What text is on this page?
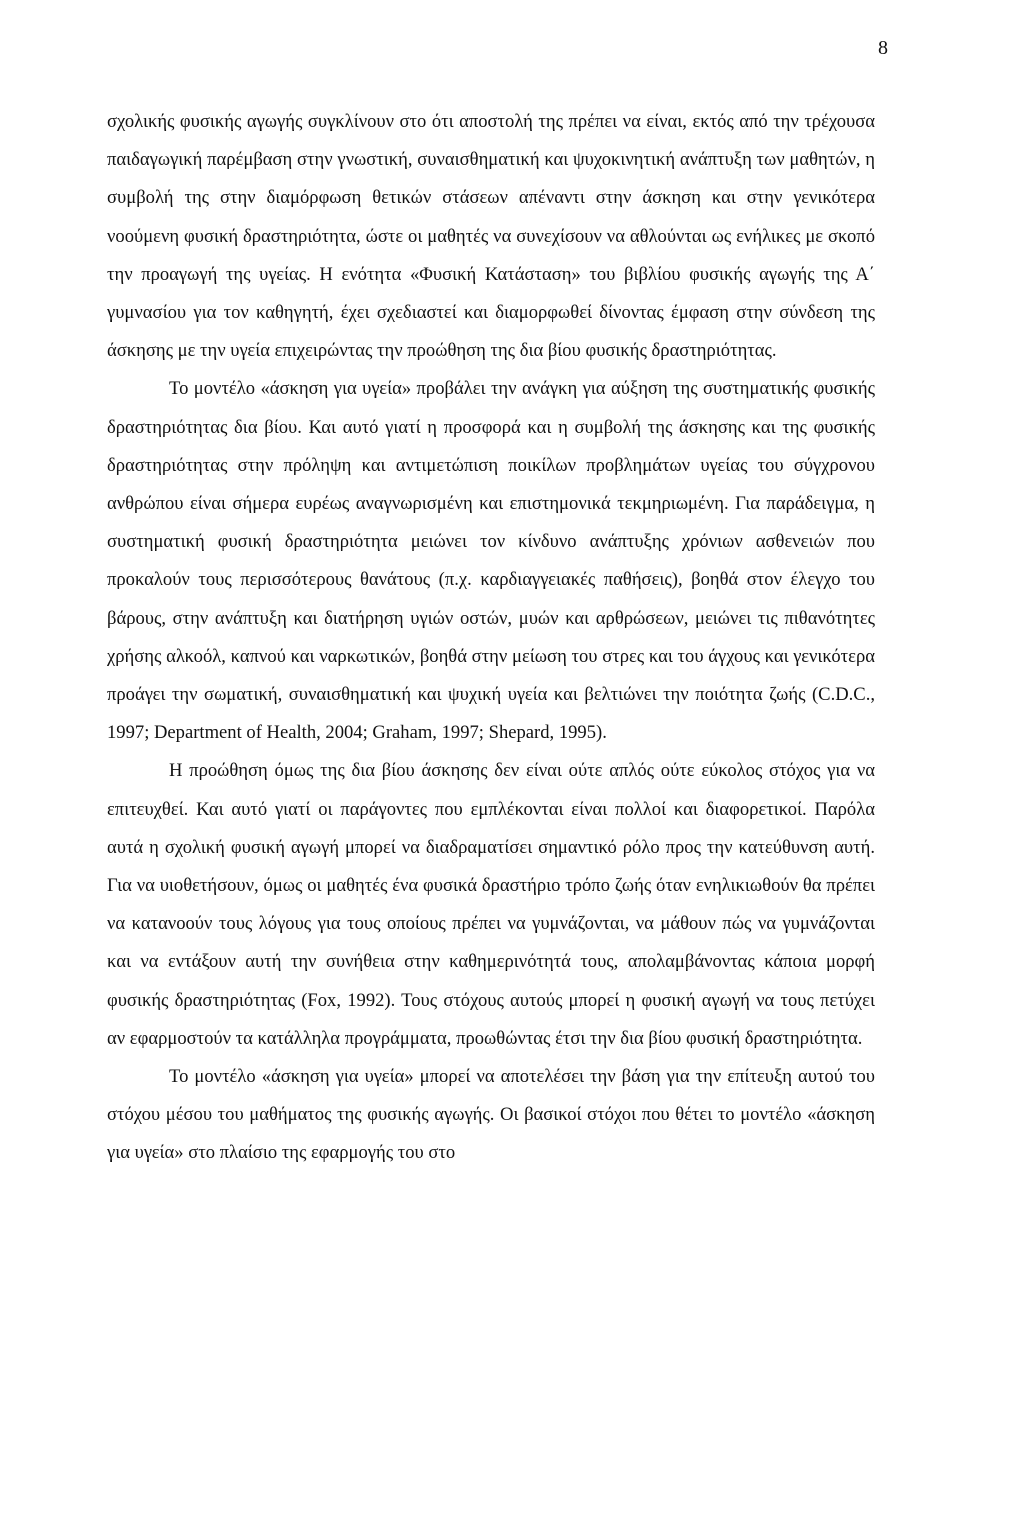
8

σχολικής φυσικής αγωγής συγκλίνουν στο ότι αποστολή της πρέπει να είναι, εκτός από την τρέχουσα παιδαγωγική παρέμβαση στην γνωστική, συναισθηματική και ψυχοκινητική ανάπτυξη των μαθητών, η συμβολή της στην διαμόρφωση θετικών στάσεων απέναντι στην άσκηση και στην γενικότερα νοούμενη φυσική δραστηριότητα, ώστε οι μαθητές να συνεχίσουν να αθλούνται ως ενήλικες με σκοπό την προαγωγή της υγείας. Η ενότητα «Φυσική Κατάσταση» του βιβλίου φυσικής αγωγής της Α΄ γυμνασίου για τον καθηγητή, έχει σχεδιαστεί και διαμορφωθεί δίνοντας έμφαση στην σύνδεση της άσκησης με την υγεία επιχειρώντας την προώθηση της δια βίου φυσικής δραστηριότητας.

Το μοντέλο «άσκηση για υγεία» προβάλει την ανάγκη για αύξηση της συστηματικής φυσικής δραστηριότητας δια βίου. Και αυτό γιατί η προσφορά και η συμβολή της άσκησης και της φυσικής δραστηριότητας στην πρόληψη και αντιμετώπιση ποικίλων προβλημάτων υγείας του σύγχρονου ανθρώπου είναι σήμερα ευρέως αναγνωρισμένη και επιστημονικά τεκμηριωμένη. Για παράδειγμα, η συστηματική φυσική δραστηριότητα μειώνει τον κίνδυνο ανάπτυξης χρόνιων ασθενειών που προκαλούν τους περισσότερους θανάτους (π.χ. καρδιαγγειακές παθήσεις), βοηθά στον έλεγχο του βάρους, στην ανάπτυξη και διατήρηση υγιών οστών, μυών και αρθρώσεων, μειώνει τις πιθανότητες χρήσης αλκοόλ, καπνού και ναρκωτικών, βοηθά στην μείωση του στρες και του άγχους και γενικότερα προάγει την σωματική, συναισθηματική και ψυχική υγεία και βελτιώνει την ποιότητα ζωής (C.D.C., 1997; Department of Health, 2004; Graham, 1997; Shepard, 1995).

Η προώθηση όμως της δια βίου άσκησης δεν είναι ούτε απλός ούτε εύκολος στόχος για να επιτευχθεί. Και αυτό γιατί οι παράγοντες που εμπλέκονται είναι πολλοί και διαφορετικοί. Παρόλα αυτά η σχολική φυσική αγωγή μπορεί να διαδραματίσει σημαντικό ρόλο προς την κατεύθυνση αυτή. Για να υιοθετήσουν, όμως οι μαθητές ένα φυσικά δραστήριο τρόπο ζωής όταν ενηλικιωθούν θα πρέπει να κατανοούν τους λόγους για τους οποίους πρέπει να γυμνάζονται, να μάθουν πώς να γυμνάζονται και να εντάξουν αυτή την συνήθεια στην καθημερινότητά τους, απολαμβάνοντας κάποια μορφή φυσικής δραστηριότητας (Fox, 1992). Τους στόχους αυτούς μπορεί η φυσική αγωγή να τους πετύχει αν εφαρμοστούν τα κατάλληλα προγράμματα, προωθώντας έτσι την δια βίου φυσική δραστηριότητα.

Το μοντέλο «άσκηση για υγεία» μπορεί να αποτελέσει την βάση για την επίτευξη αυτού του στόχου μέσου του μαθήματος της φυσικής αγωγής. Οι βασικοί στόχοι που θέτει το μοντέλο «άσκηση για υγεία» στο πλαίσιο της εφαρμογής του στο
